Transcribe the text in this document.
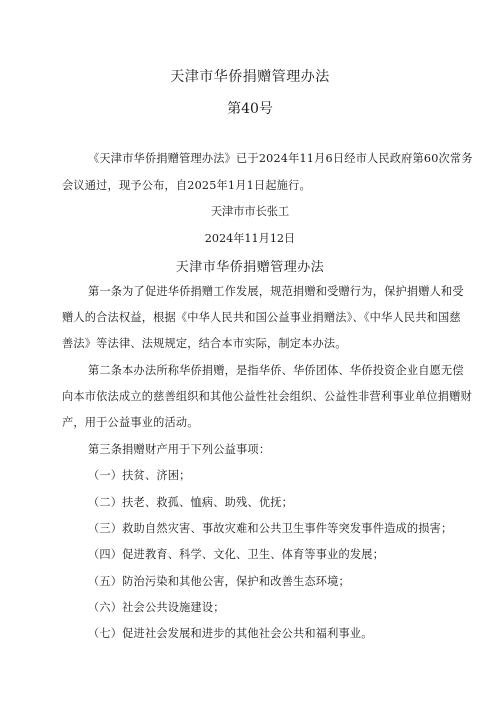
天津市华侨捐赠管理办法
第40号
《天津市华侨捐赠管理办法》已于2024年11月6日经市人民政府第60次常务
会议通过，现予公布，自2025年1月1日起施行。
天津市市长张工
2024年11月12日
天津市华侨捐赠管理办法
第一条为了促进华侨捐赠工作发展，规范捐赠和受赠行为，保护捐赠人和受
赠人的合法权益，根据《中华人民共和国公益事业捐赠法》、《中华人民共和国慈
善法》等法律、法规规定，结合本市实际，制定本办法。
第二条本办法所称华侨捐赠，是指华侨、华侨团体、华侨投资企业自愿无偿
向本市依法成立的慈善组织和其他公益性社会组织、公益性非营利事业单位捐赠财
产，用于公益事业的活动。
第三条捐赠财产用于下列公益事项：
（一）扶贫、济困；
（二）扶老、救孤、恤病、助残、优抚；
（三）救助自然灾害、事故灾难和公共卫生事件等突发事件造成的损害；
（四）促进教育、科学、文化、卫生、体育等事业的发展；
（五）防治污染和其他公害，保护和改善生态环境；
（六）社会公共设施建设；
（七）促进社会发展和进步的其他社会公共和福利事业。
